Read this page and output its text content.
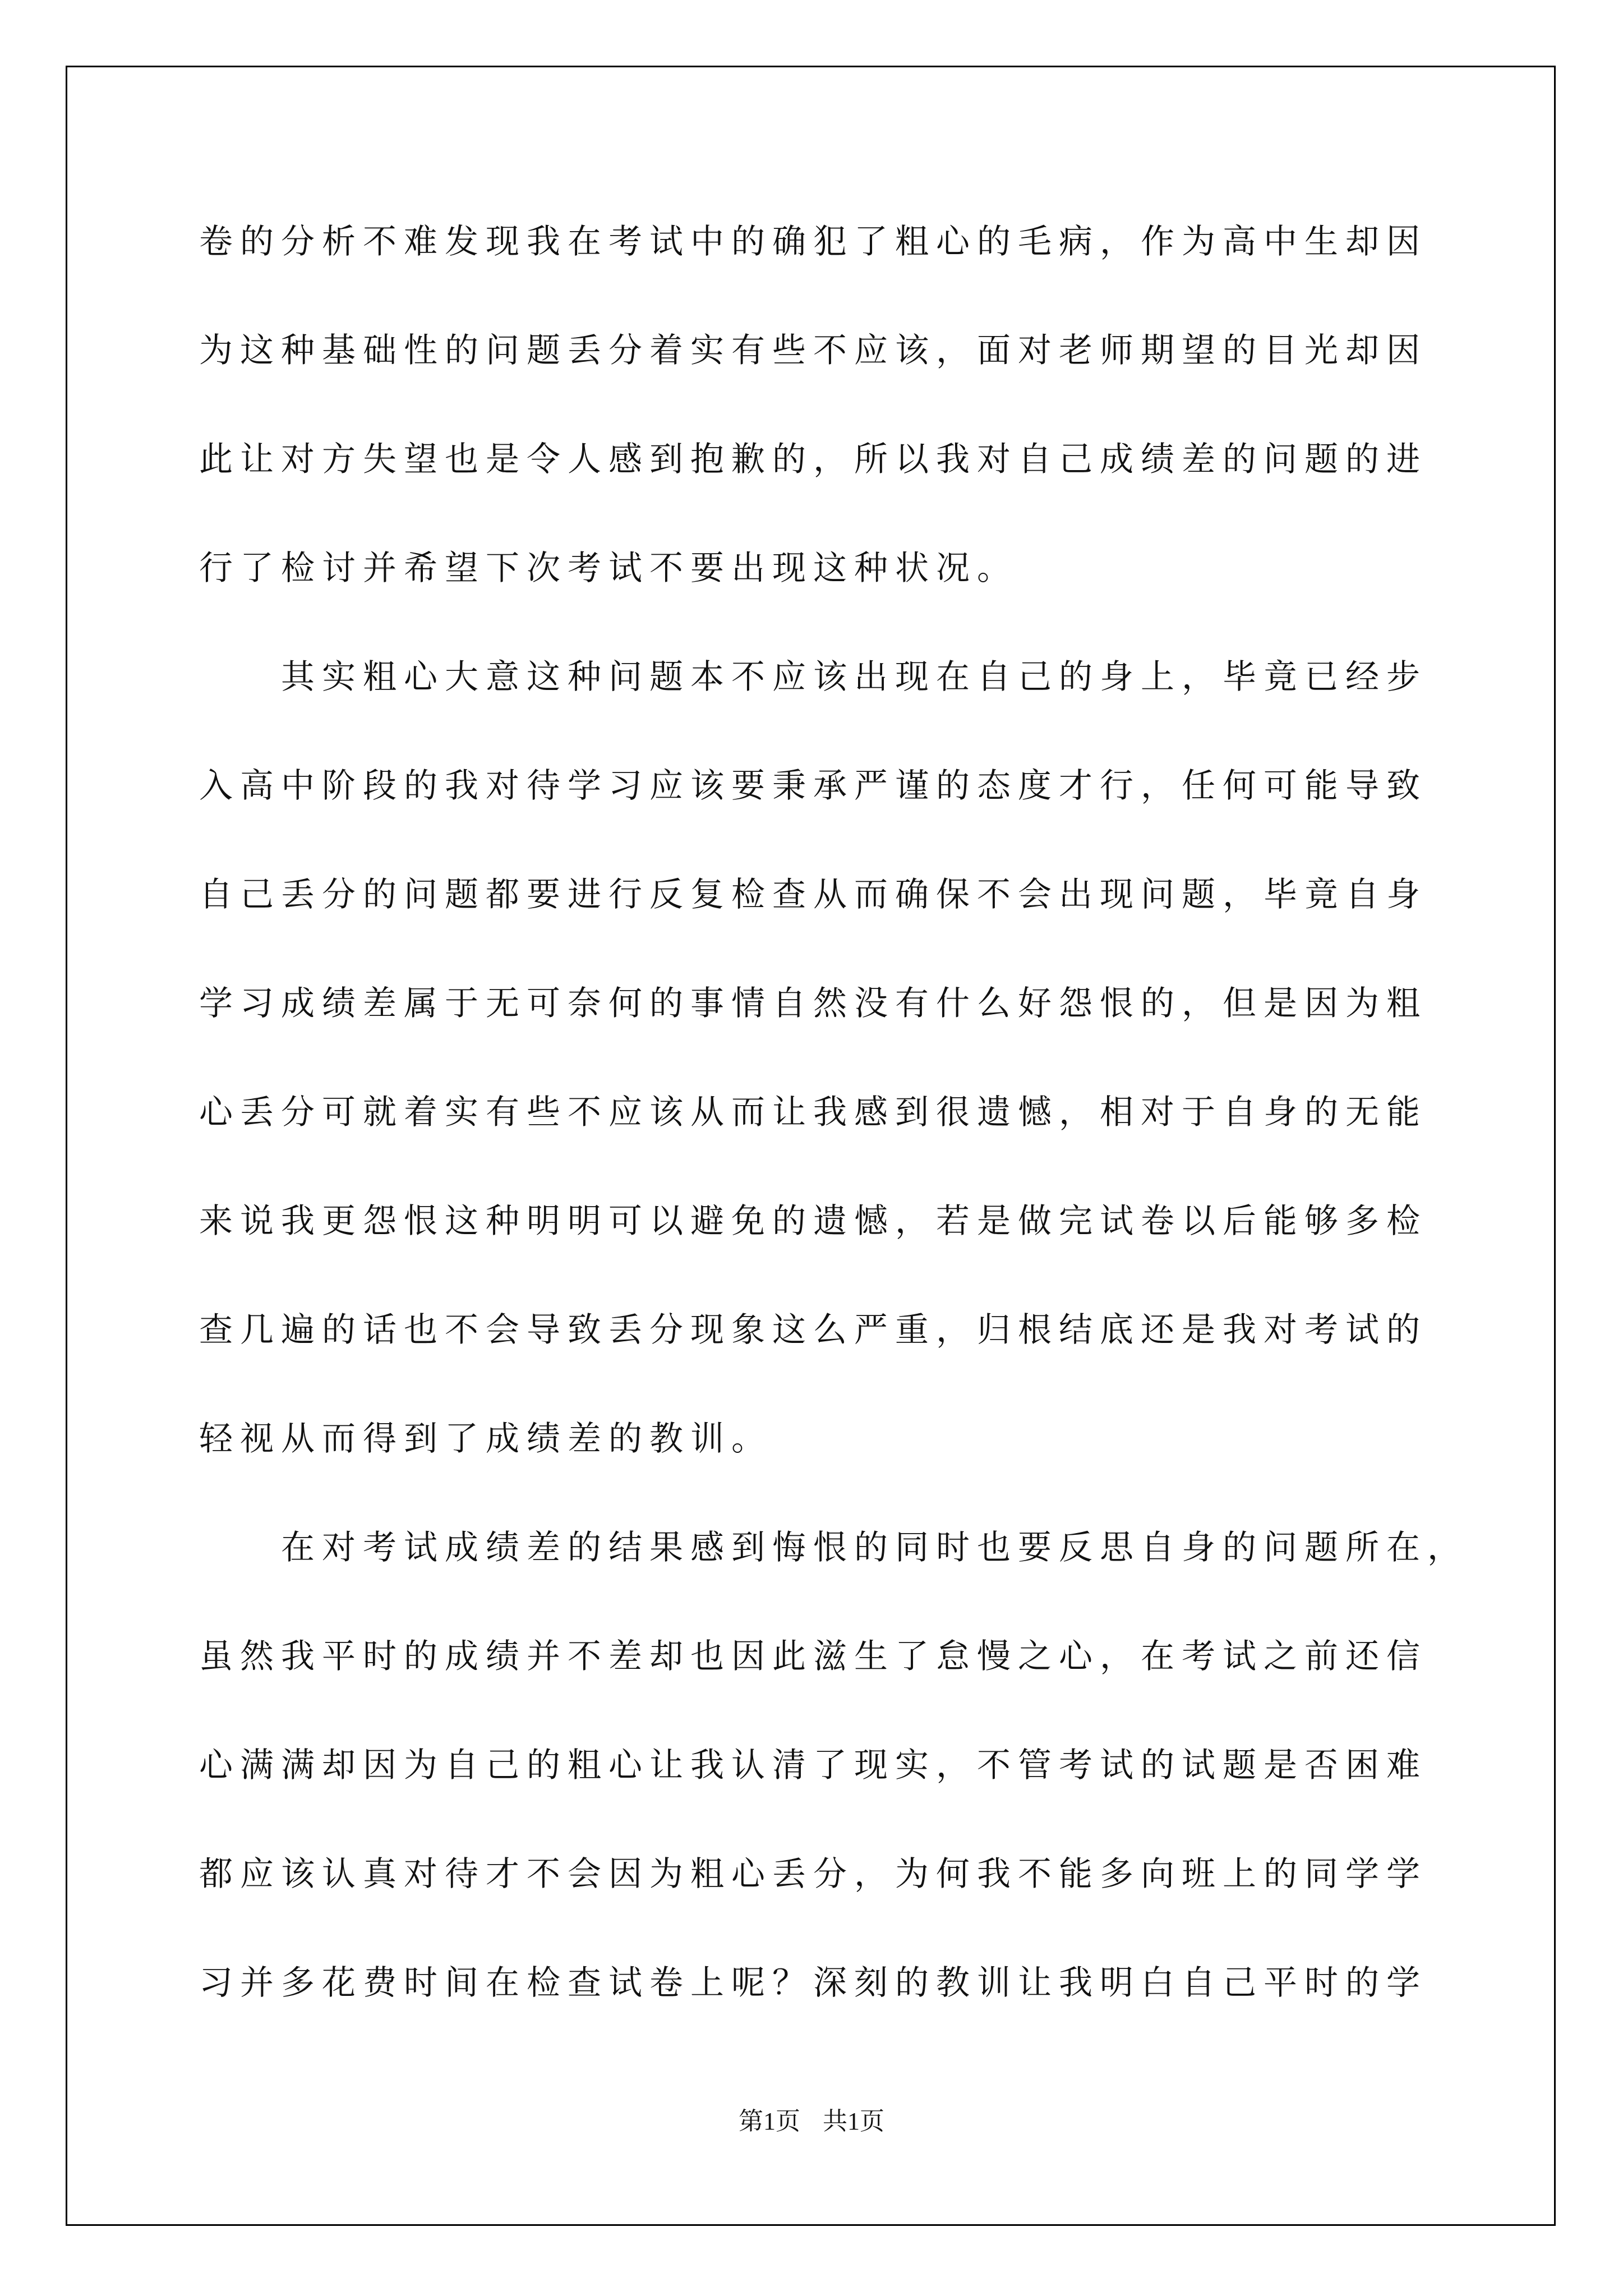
卷的分析不难发现我在考试中的确犯了粗心的毛病，作为高中生却因
为这种基础性的问题丢分着实有些不应该，面对老师期望的目光却因
此让对方失望也是令人感到抱歉的，所以我对自己成绩差的问题的进
行了检讨并希望下次考试不要出现这种状况。
其实粗心大意这种问题本不应该出现在自己的身上，毕竟已经步
入高中阶段的我对待学习应该要秉承严谨的态度才行，任何可能导致
自己丢分的问题都要进行反复检查从而确保不会出现问题，毕竟自身
学习成绩差属于无可奈何的事情自然没有什么好怨恨的，但是因为粗
心丢分可就着实有些不应该从而让我感到很遗憾，相对于自身的无能
来说我更怨恨这种明明可以避免的遗憾，若是做完试卷以后能够多检
查几遍的话也不会导致丢分现象这么严重，归根结底还是我对考试的
轻视从而得到了成绩差的教训。
在对考试成绩差的结果感到悔恨的同时也要反思自身的问题所在，
虽然我平时的成绩并不差却也因此滋生了怠慢之心，在考试之前还信
心满满却因为自己的粗心让我认清了现实，不管考试的试题是否困难
都应该认真对待才不会因为粗心丢分，为何我不能多向班上的同学学
习并多花费时间在检查试卷上呢？深刻的教训让我明白自己平时的学
第1页 共1页
